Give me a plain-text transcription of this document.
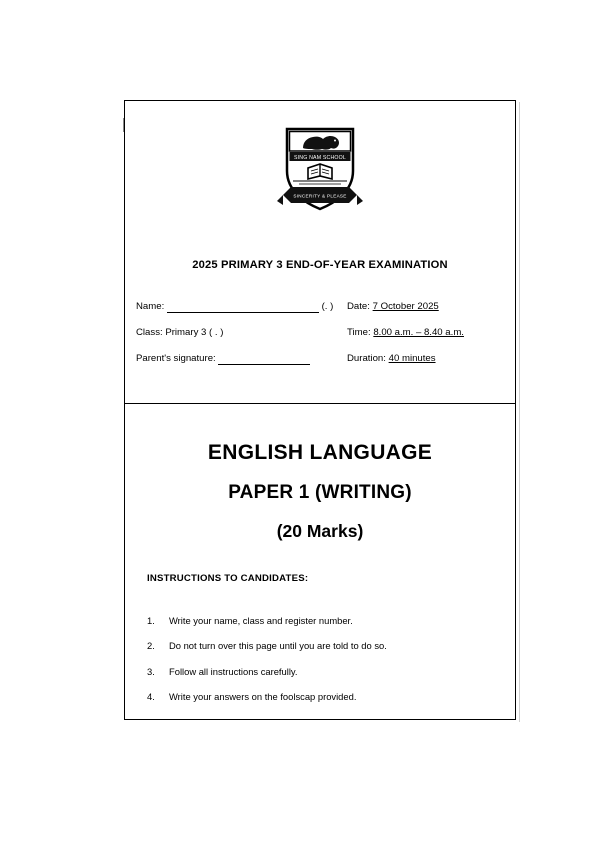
SING NAM SCHOOL
SINCERITY & PLEASE
2025 PRIMARY 3 END-OF-YEAR EXAMINATION
Name:	(. ) Date: 7 October 2025
Class: Primary 3 ( . )	Time: 8.00 a.m. – 8.40 a.m.
Parent's signature:	Duration: 40 minutes
ENGLISH LANGUAGE
PAPER 1 (WRITING)
(20 Marks)
INSTRUCTIONS TO CANDIDATES:
1. Write your name, class and register number.
2. Do not turn over this page until you are told to do so.
3. Follow all instructions carefully.
4. Write your answers on the foolscap provided.
